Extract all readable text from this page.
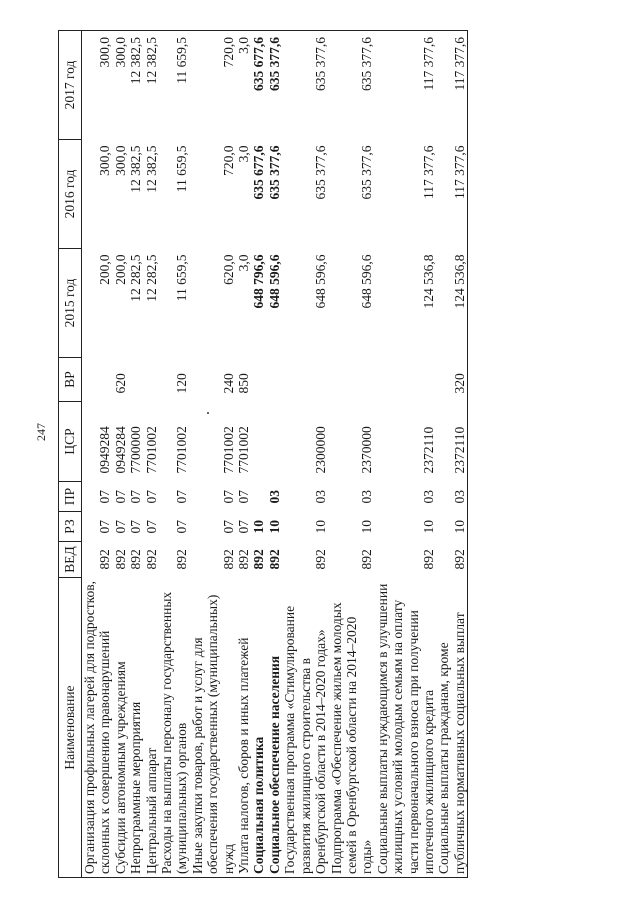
247
Наименование	ВЕД	РЗ	ПР	ЦСР	ВР	2015 год	2016 год	2017 год
Организация профильных лагерей для подростков, склонных к совершению правонарушений	892	07	07	0949284		200,0	300,0	300,0
Субсидии автономным учреждениям	892	07	07	0949284	620	200,0	300,0	300,0
Непрограммные мероприятия	892	07	07	7700000		12 282,5	12 382,5	12 382,5
Центральный аппарат	892	07	07	7701002		12 282,5	12 382,5	12 382,5
Расходы на выплаты персоналу государственных (муниципальных) органов	892	07	07	7701002	120	11 659,5	11 659,5	11 659,5
Иные закупки товаров, работ и услуг для обеспечения государственных (муниципальных) нужд	892	07	07	7701002	240	620,0	720,0	720,0
Уплата налогов, сборов и иных платежей	892	07	07	7701002	850	3,0	3,0	3,0
Социальная политика	892	10				648 796,6	635 677,6	635 677,6
Социальное обеспечение населения	892	10	03			648 596,6	635 377,6	635 377,6
Государственная программа «Стимулирование развития жилищного строительства в Оренбургской области в 2014–2020 годах»	892	10	03	2300000		648 596,6	635 377,6	635 377,6
Подпрограмма «Обеспечение жильем молодых семей в Оренбургской области на 2014–2020 годы»	892	10	03	2370000		648 596,6	635 377,6	635 377,6
Социальные выплаты нуждающимся в улучшении жилищных условий молодым семьям на оплату части первоначального взноса при получении ипотечного жилищного кредита	892	10	03	2372110		124 536,8	117 377,6	117 377,6
Социальные выплаты гражданам, кроме публичных нормативных социальных выплат	892	10	03	2372110	320	124 536,8	117 377,6	117 377,6
